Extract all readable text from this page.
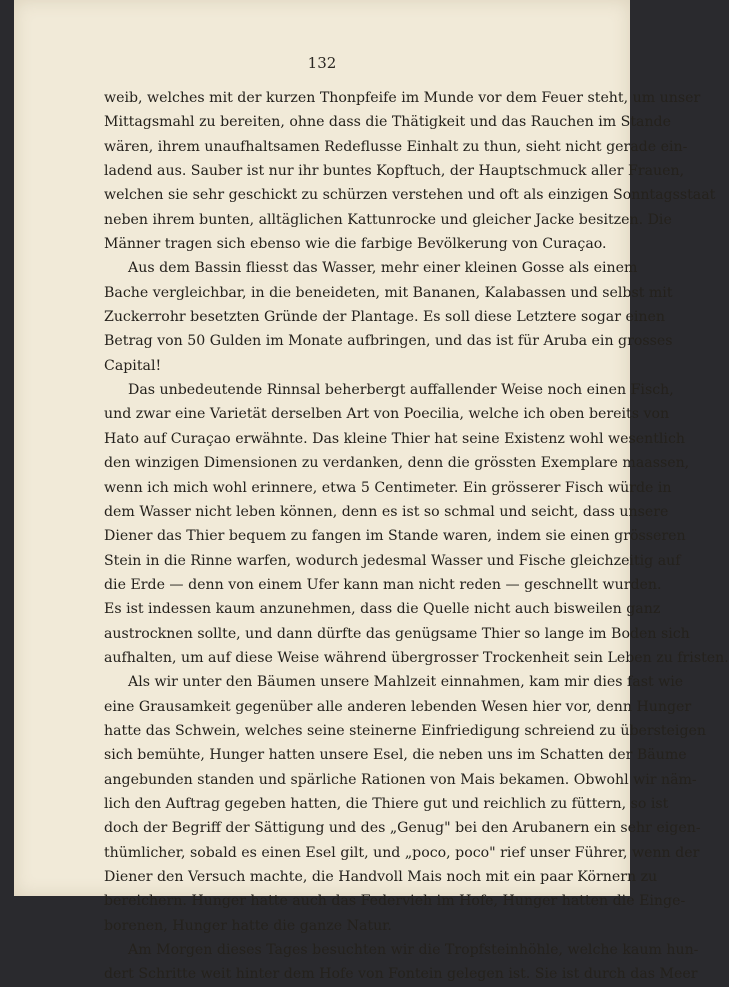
132
weib, welches mit der kurzen Thonpfeife im Munde vor dem Feuer steht, um unser
Mittagsmahl zu bereiten, ohne dass die Thätigkeit und das Rauchen im Stande
wären, ihrem unaufhaltsamen Redeflusse Einhalt zu thun, sieht nicht gerade ein-
ladend aus. Sauber ist nur ihr buntes Kopftuch, der Hauptschmuck aller Frauen,
welchen sie sehr geschickt zu schürzen verstehen und oft als einzigen Sonntagsstaat
neben ihrem bunten, alltäglichen Kattunrocke und gleicher Jacke besitzen. Die
Männer tragen sich ebenso wie die farbige Bevölkerung von Curaçao.
Aus dem Bassin fliesst das Wasser, mehr einer kleinen Gosse als einem
Bache vergleichbar, in die beneideten, mit Bananen, Kalabassen und selbst mit
Zuckerrohr besetzten Gründe der Plantage. Es soll diese Letztere sogar einen
Betrag von 50 Gulden im Monate aufbringen, und das ist für Aruba ein grosses
Capital!
Das unbedeutende Rinnsal beherbergt auffallender Weise noch einen Fisch,
und zwar eine Varietät derselben Art von Poecilia, welche ich oben bereits von
Hato auf Curaçao erwähnte. Das kleine Thier hat seine Existenz wohl wesentlich
den winzigen Dimensionen zu verdanken, denn die grössten Exemplare maassen,
wenn ich mich wohl erinnere, etwa 5 Centimeter. Ein grösserer Fisch würde in
dem Wasser nicht leben können, denn es ist so schmal und seicht, dass unsere
Diener das Thier bequem zu fangen im Stande waren, indem sie einen grösseren
Stein in die Rinne warfen, wodurch jedesmal Wasser und Fische gleichzeitig auf
die Erde — denn von einem Ufer kann man nicht reden — geschnellt wurden.
Es ist indessen kaum anzunehmen, dass die Quelle nicht auch bisweilen ganz
austrocknen sollte, und dann dürfte das genügsame Thier so lange im Boden sich
aufhalten, um auf diese Weise während übergrosser Trockenheit sein Leben zu fristen.
Als wir unter den Bäumen unsere Mahlzeit einnahmen, kam mir dies fast wie
eine Grausamkeit gegenüber alle anderen lebenden Wesen hier vor, denn Hunger
hatte das Schwein, welches seine steinerne Einfriedigung schreiend zu übersteigen
sich bemühte, Hunger hatten unsere Esel, die neben uns im Schatten der Bäume
angebunden standen und spärliche Rationen von Mais bekamen. Obwohl wir näm-
lich den Auftrag gegeben hatten, die Thiere gut und reichlich zu füttern, so ist
doch der Begriff der Sättigung und des „Genug" bei den Arubanern ein sehr eigen-
thümlicher, sobald es einen Esel gilt, und „poco, poco" rief unser Führer, wenn der
Diener den Versuch machte, die Handvoll Mais noch mit ein paar Körnern zu
bereichern. Hunger hatte auch das Federvieh im Hofe, Hunger hatten die Einge-
borenen, Hunger hatte die ganze Natur.
Am Morgen dieses Tages besuchten wir die Tropfsteinhöhle, welche kaum hun-
dert Schritte weit hinter dem Hofe von Fontein gelegen ist. Sie ist durch das Meer
